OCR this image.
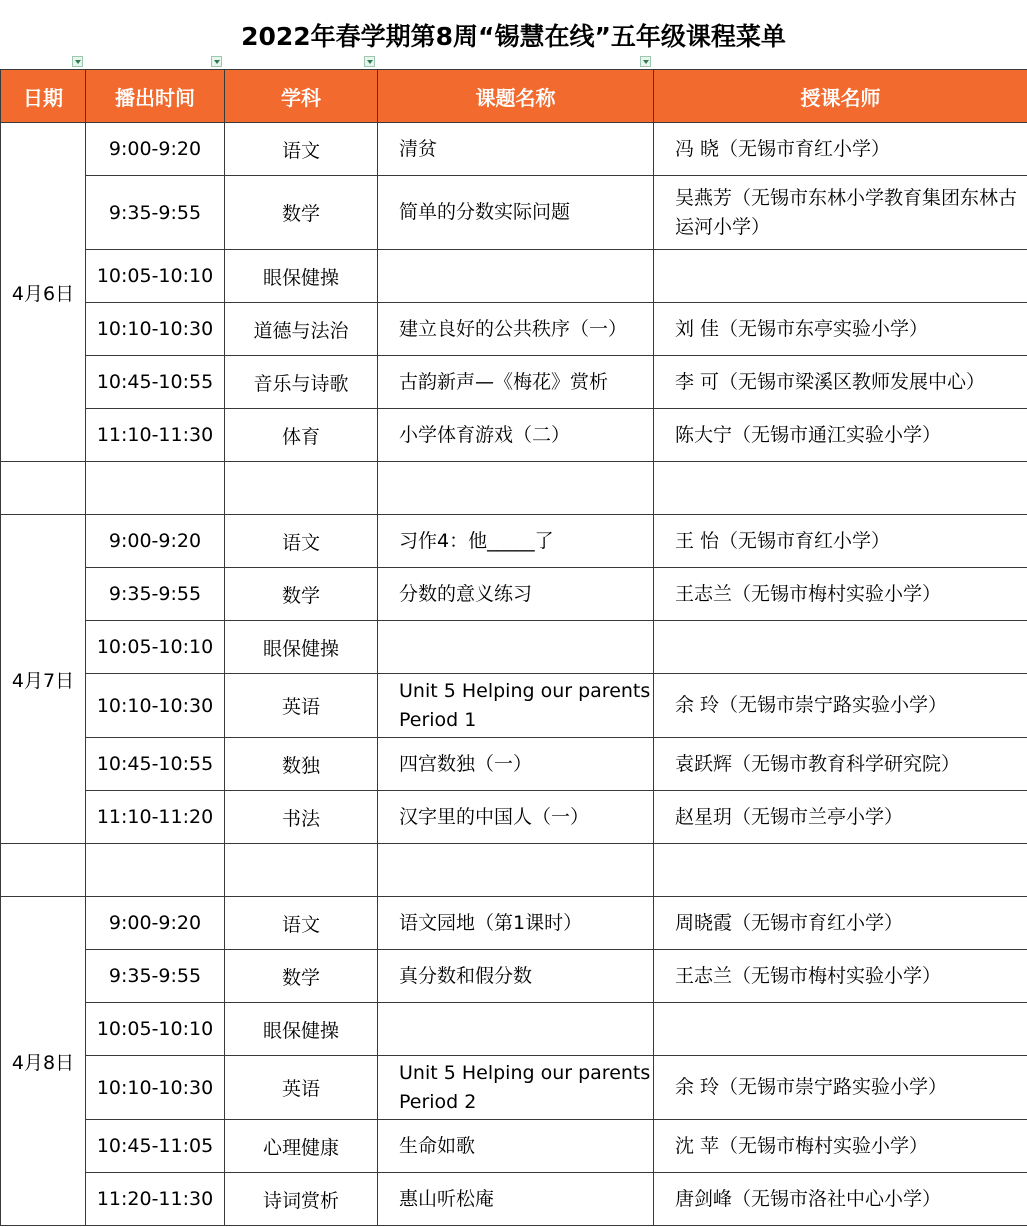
2022年春学期第8周“锡慧在线”五年级课程菜单
日期	播出时间	学科	课题名称	授课名师
4月6日	9:00-9:20	语文	清贫	冯 晓（无锡市育红小学）
	9:35-9:55	数学	简单的分数实际问题	吴燕芳（无锡市东林小学教育集团东林古运河小学）
	10:05-10:10	眼保健操		
	10:10-10:30	道德与法治	建立良好的公共秩序（一）	刘 佳（无锡市东亭实验小学）
	10:45-10:55	音乐与诗歌	古韵新声—《梅花》赏析	李 可（无锡市梁溪区教师发展中心）
	11:10-11:30	体育	小学体育游戏（二）	陈大宁（无锡市通江实验小学）

4月7日	9:00-9:20	语文	习作4：他_____了	王 怡（无锡市育红小学）
	9:35-9:55	数学	分数的意义练习	王志兰（无锡市梅村实验小学）
	10:05-10:10	眼保健操		
	10:10-10:30	英语	Unit 5 Helping our parents Period 1	余 玲（无锡市崇宁路实验小学）
	10:45-10:55	数独	四宫数独（一）	袁跃辉（无锡市教育科学研究院）
	11:10-11:20	书法	汉字里的中国人（一）	赵星玥（无锡市兰亭小学）

4月8日	9:00-9:20	语文	语文园地（第1课时）	周晓霞（无锡市育红小学）
	9:35-9:55	数学	真分数和假分数	王志兰（无锡市梅村实验小学）
	10:05-10:10	眼保健操		
	10:10-10:30	英语	Unit 5 Helping our parents Period 2	余 玲（无锡市崇宁路实验小学）
	10:45-11:05	心理健康	生命如歌	沈 苹（无锡市梅村实验小学）
	11:20-11:30	诗词赏析	惠山听松庵	唐剑峰（无锡市洛社中心小学）
